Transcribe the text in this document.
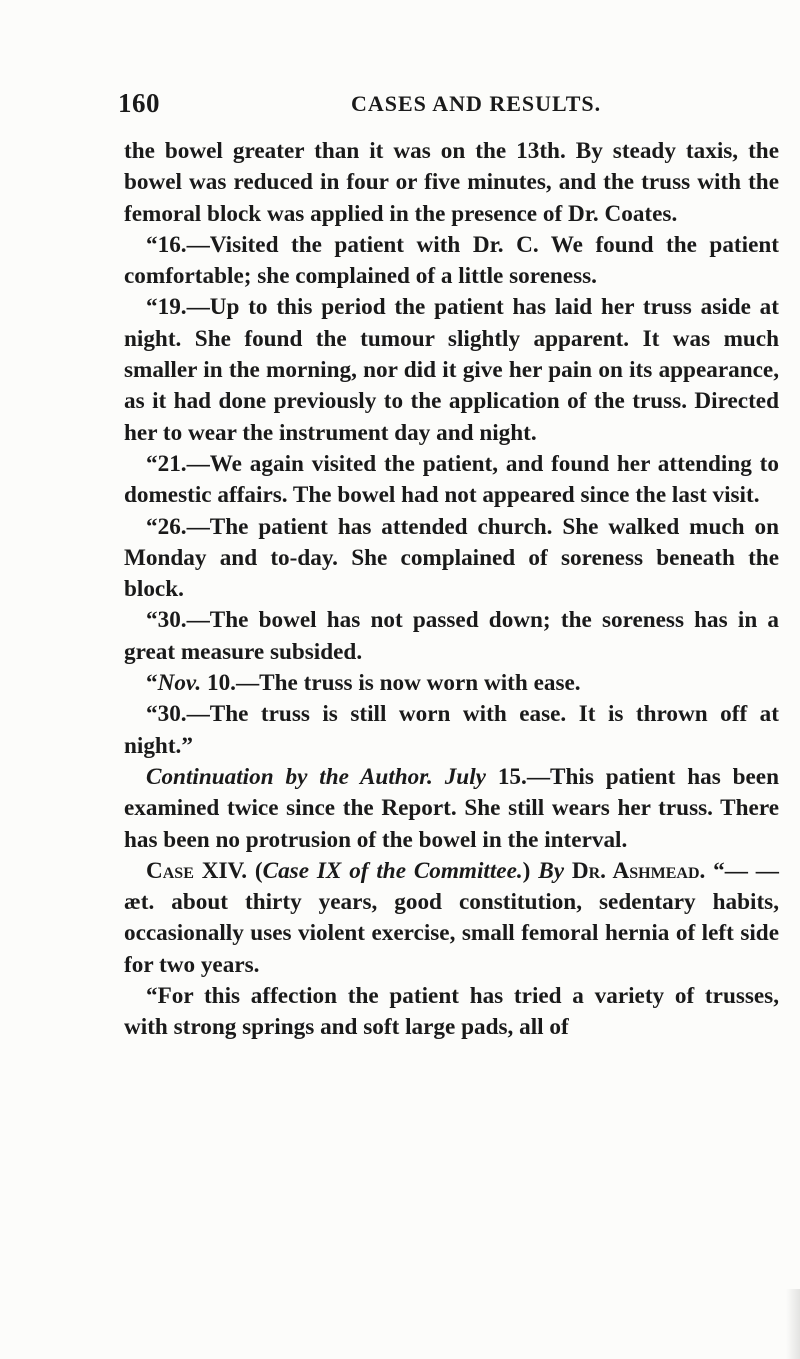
160	CASES AND RESULTS.

the bowel greater than it was on the 13th. By steady taxis, the bowel was reduced in four or five minutes, and the truss with the femoral block was applied in the presence of Dr. Coates.

“16.—Visited the patient with Dr. C. We found the patient comfortable; she complained of a little soreness.

“19.—Up to this period the patient has laid her truss aside at night. She found the tumour slightly apparent. It was much smaller in the morning, nor did it give her pain on its appearance, as it had done previously to the application of the truss. Directed her to wear the instrument day and night.

“21.—We again visited the patient, and found her attending to domestic affairs. The bowel had not appeared since the last visit.

“26.—The patient has attended church. She walked much on Monday and to-day. She complained of soreness beneath the block.

“30.—The bowel has not passed down; the soreness has in a great measure subsided.

“Nov. 10.—The truss is now worn with ease.

“30.—The truss is still worn with ease. It is thrown off at night.”

Continuation by the Author. July 15.—This patient has been examined twice since the Report. She still wears her truss. There has been no protrusion of the bowel in the interval.

Case XIV. (Case IX of the Committee.) By Dr. Ashmead. “— — æt. about thirty years, good constitution, sedentary habits, occasionally uses violent exercise, small femoral hernia of left side for two years.

“For this affection the patient has tried a variety of trusses, with strong springs and soft large pads, all of
